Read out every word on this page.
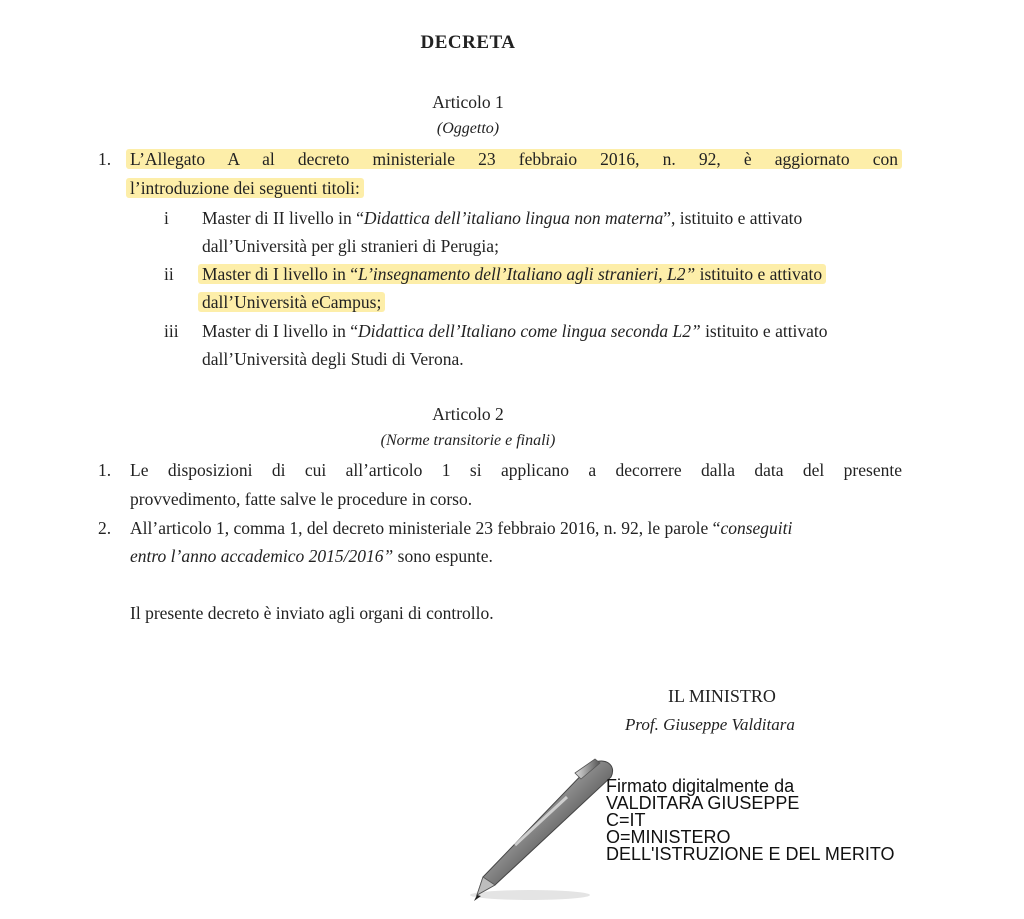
DECRETA
Articolo 1
(Oggetto)
1. L’Allegato A al decreto ministeriale 23 febbraio 2016, n. 92, è aggiornato con
l’introduzione dei seguenti titoli:
i Master di II livello in “Didattica dell’italiano lingua non materna”, istituito e attivato
dall’Università per gli stranieri di Perugia;
ii Master di I livello in “L’insegnamento dell’Italiano agli stranieri, L2” istituito e attivato
dall’Università eCampus;
iii Master di I livello in “Didattica dell’Italiano come lingua seconda L2” istituito e attivato
dall’Università degli Studi di Verona.
Articolo 2
(Norme transitorie e finali)
1. Le disposizioni di cui all’articolo 1 si applicano a decorrere dalla data del presente
provvedimento, fatte salve le procedure in corso.
2. All’articolo 1, comma 1, del decreto ministeriale 23 febbraio 2016, n. 92, le parole “conseguiti
entro l’anno accademico 2015/2016” sono espunte.
Il presente decreto è inviato agli organi di controllo.
IL MINISTRO
Prof. Giuseppe Valditara
Firmato digitalmente da
VALDITARA GIUSEPPE
C=IT
O=MINISTERO
DELL'ISTRUZIONE E DEL MERITO
